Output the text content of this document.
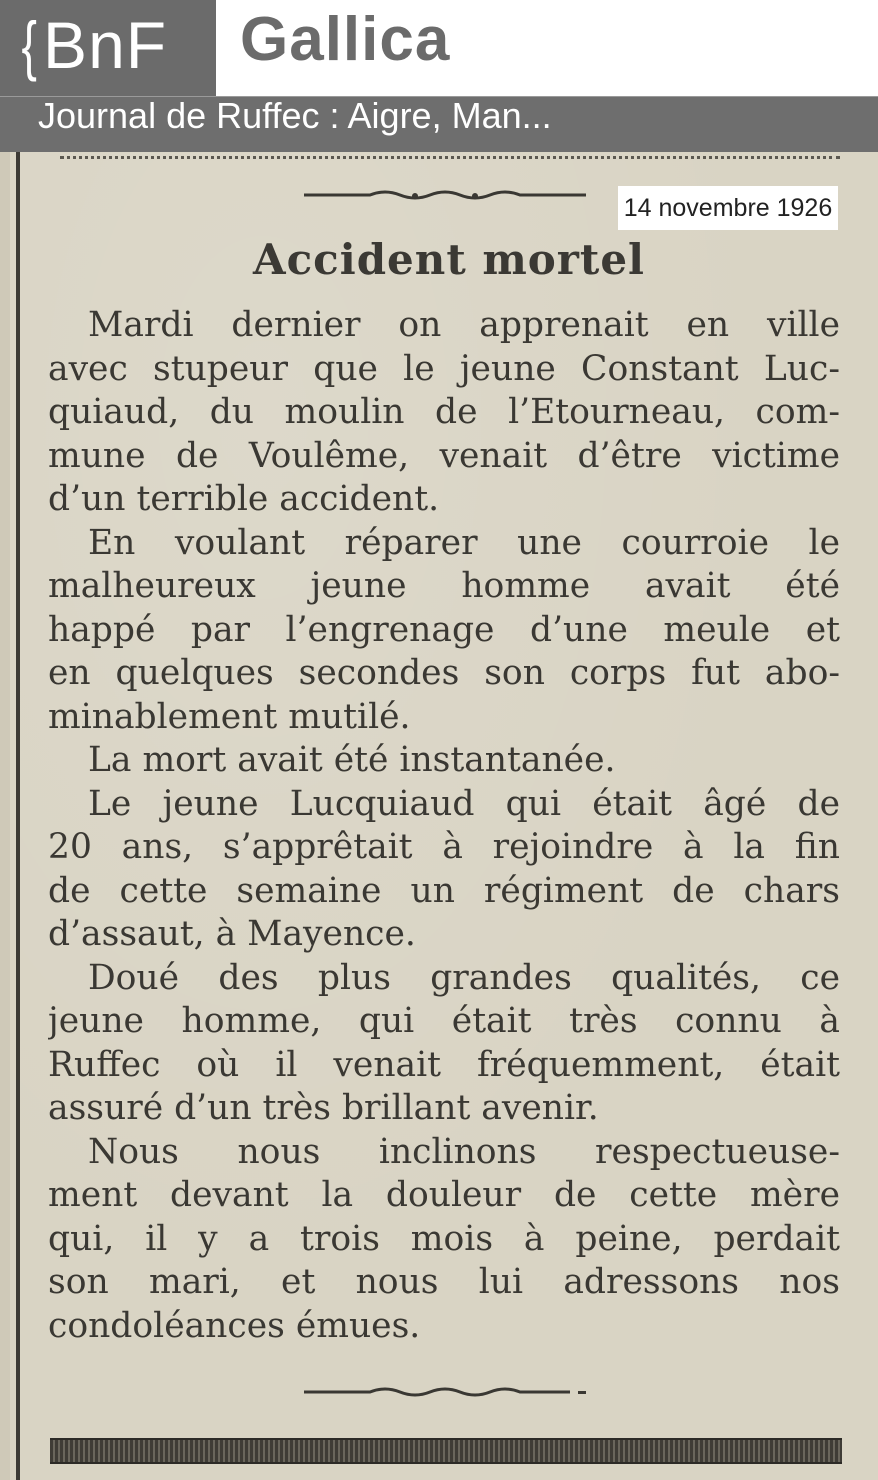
{BnF	Gallica
Journal de Ruffec : Aigre, Man...
14 novembre 1926
Accident mortel
Mardi dernier on apprenait en ville
avec stupeur que le jeune Constant Luc-
quiaud, du moulin de l’Etourneau, com-
mune de Voulême, venait d’être victime
d’un terrible accident.
En voulant réparer une courroie le
malheureux jeune homme avait été
happé par l’engrenage d’une meule et
en quelques secondes son corps fut abo-
minablement mutilé.
La mort avait été instantanée.
Le jeune Lucquiaud qui était âgé de
20 ans, s’apprêtait à rejoindre à la fin
de cette semaine un régiment de chars
d’assaut, à Mayence.
Doué des plus grandes qualités, ce
jeune homme, qui était très connu à
Ruffec où il venait fréquemment, était
assuré d’un très brillant avenir.
Nous nous inclinons respectueuse-
ment devant la douleur de cette mère
qui, il y a trois mois à peine, perdait
son mari, et nous lui adressons nos
condoléances émues.
